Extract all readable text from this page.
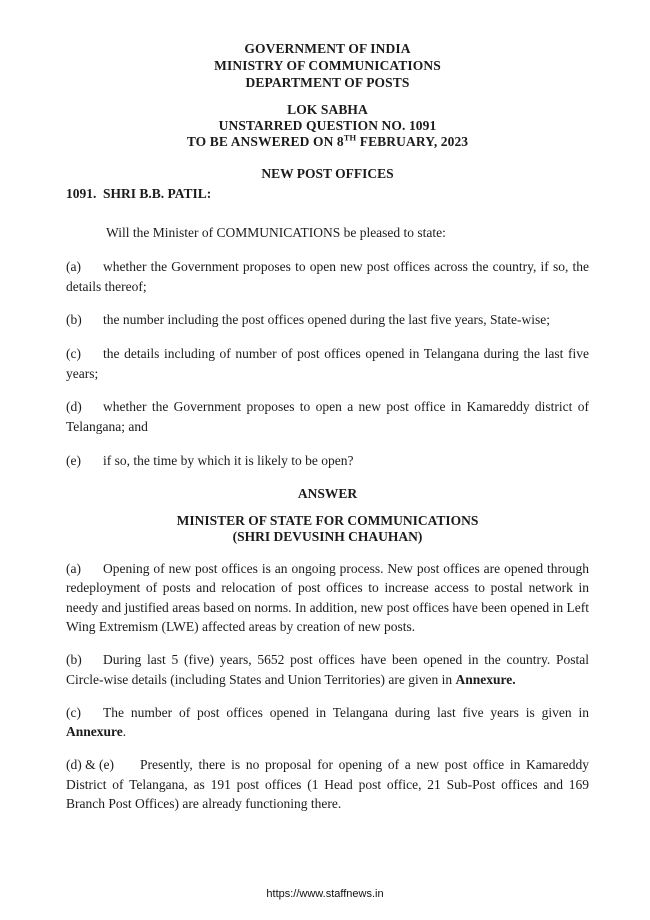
GOVERNMENT OF INDIA
MINISTRY OF COMMUNICATIONS
DEPARTMENT OF POSTS
LOK SABHA
UNSTARRED QUESTION NO. 1091
TO BE ANSWERED ON 8TH FEBRUARY, 2023
NEW POST OFFICES
1091. SHRI B.B. PATIL:

Will the Minister of COMMUNICATIONS be pleased to state:

(a) whether the Government proposes to open new post offices across the country, if so, the details thereof;

(b) the number including the post offices opened during the last five years, State-wise;

(c) the details including of number of post offices opened in Telangana during the last five years;

(d) whether the Government proposes to open a new post office in Kamareddy district of Telangana; and

(e) if so, the time by which it is likely to be open?

ANSWER
MINISTER OF STATE FOR COMMUNICATIONS
(SHRI DEVUSINH CHAUHAN)

(a) Opening of new post offices is an ongoing process. New post offices are opened through redeployment of posts and relocation of post offices to increase access to postal network in needy and justified areas based on norms. In addition, new post offices have been opened in Left Wing Extremism (LWE) affected areas by creation of new posts.

(b) During last 5 (five) years, 5652 post offices have been opened in the country. Postal Circle-wise details (including States and Union Territories) are given in Annexure.

(c) The number of post offices opened in Telangana during last five years is given in Annexure.

(d) & (e) Presently, there is no proposal for opening of a new post office in Kamareddy District of Telangana, as 191 post offices (1 Head post office, 21 Sub-Post offices and 169 Branch Post Offices) are already functioning there.

https://www.staffnews.in
